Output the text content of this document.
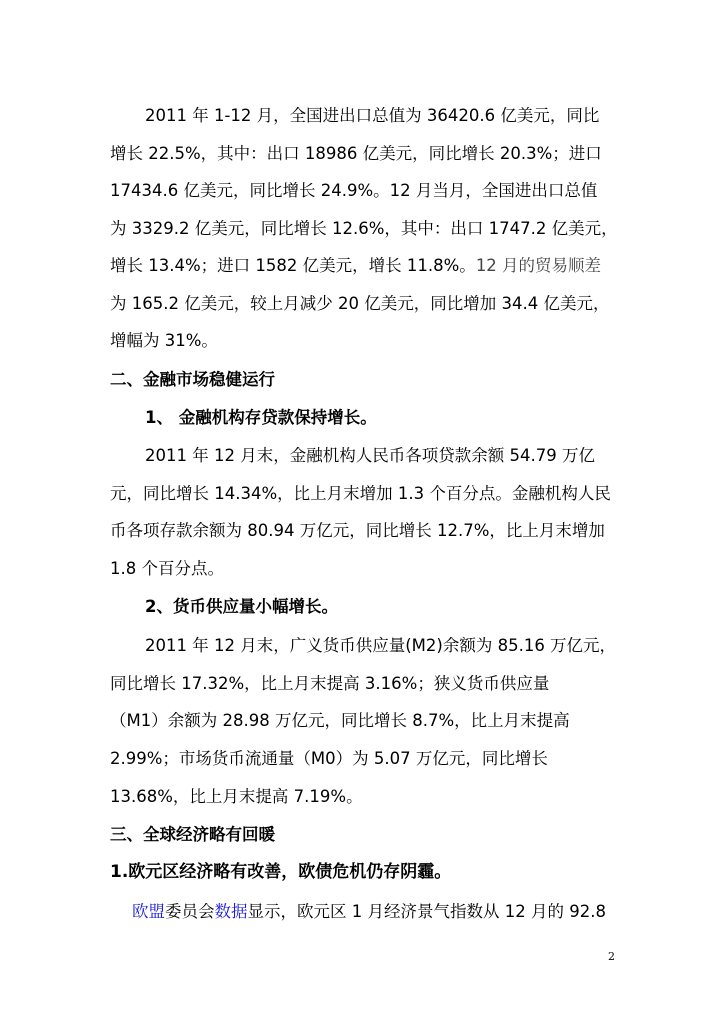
2011 年 1-12 月，全国进出口总值为 36420.6 亿美元，同比
增长 22.5%，其中：出口 18986 亿美元，同比增长 20.3%；进口
17434.6 亿美元，同比增长 24.9%。12 月当月，全国进出口总值
为 3329.2 亿美元，同比增长 12.6%，其中：出口 1747.2 亿美元，
增长 13.4%；进口 1582 亿美元，增长 11.8%。12 月的贸易顺差
为 165.2 亿美元，较上月减少 20 亿美元，同比增加 34.4 亿美元，
增幅为 31%。
二、金融市场稳健运行
1、 金融机构存贷款保持增长。
2011 年 12 月末，金融机构人民币各项贷款余额 54.79 万亿
元，同比增长 14.34%，比上月末增加 1.3 个百分点。金融机构人民
币各项存款余额为 80.94 万亿元，同比增长 12.7%，比上月末增加
1.8 个百分点。
2、货币供应量小幅增长。
2011 年 12 月末，广义货币供应量(M2)余额为 85.16 万亿元，
同比增长 17.32%，比上月末提高 3.16%；狭义货币供应量
（M1）余额为 28.98 万亿元，同比增长 8.7%，比上月末提高
2.99%；市场货币流通量（M0）为 5.07 万亿元，同比增长
13.68%，比上月末提高 7.19%。
三、全球经济略有回暖
1.欧元区经济略有改善，欧债危机仍存阴霾。
欧盟委员会数据显示，欧元区 1 月经济景气指数从 12 月的 92.8
2
